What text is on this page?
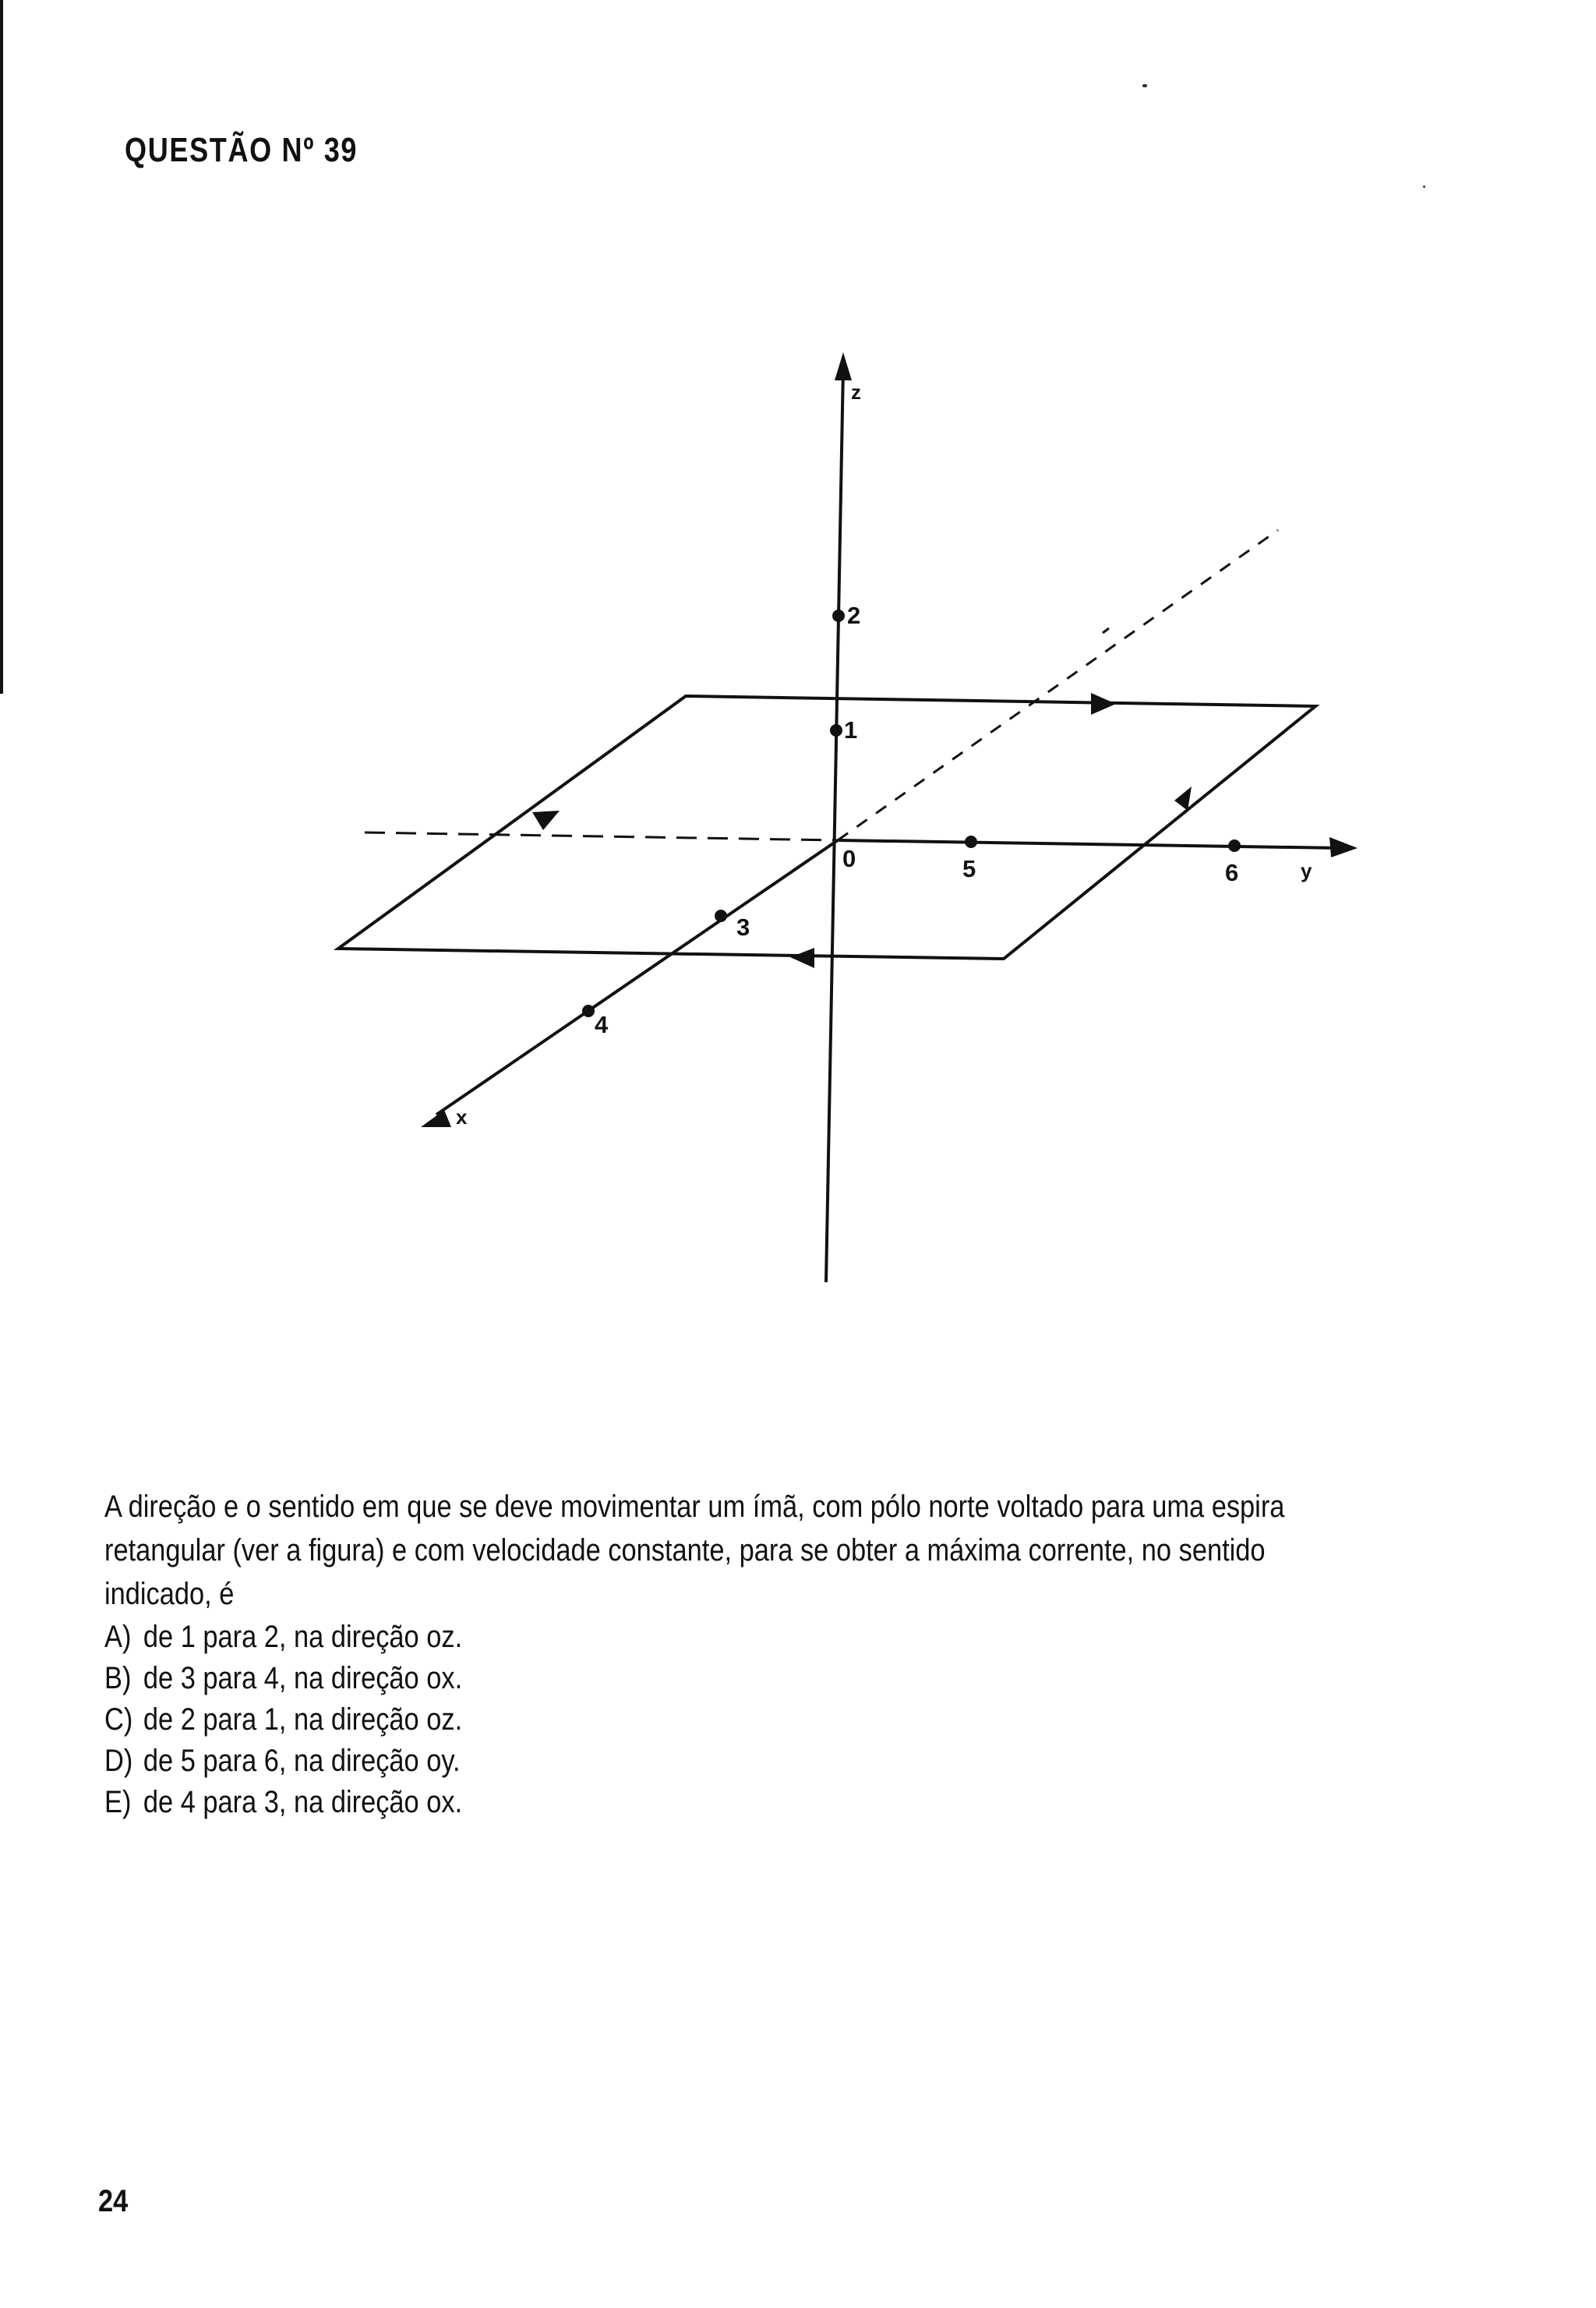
QUESTÃO Nº 39
z
y
x
0
1
2
3
4
5	6
A direção e o sentido em que se deve movimentar um ímã, com pólo norte voltado para uma espira
retangular (ver a figura) e com velocidade constante, para se obter a máxima corrente, no sentido
indicado, é
A) de 1 para 2, na direção oz.
B) de 3 para 4, na direção ox.
C) de 2 para 1, na direção oz.
D) de 5 para 6, na direção oy.
E) de 4 para 3, na direção ox.
24
